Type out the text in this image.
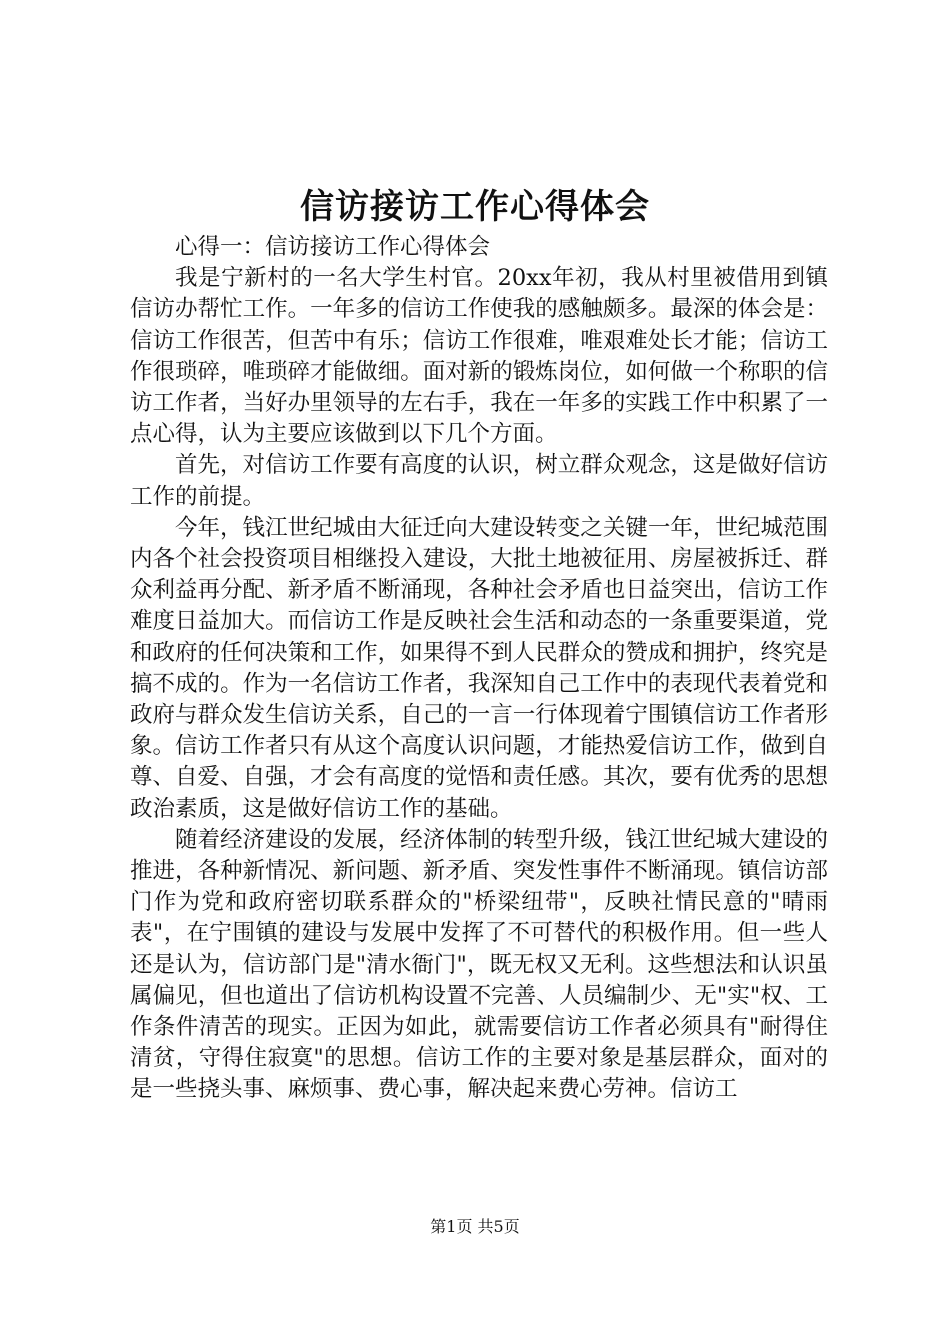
信访接访工作心得体会

心得一：信访接访工作心得体会

我是宁新村的一名大学生村官。20xx年初，我从村里被借用到镇信访办帮忙工作。一年多的信访工作使我的感触颇多。最深的体会是：信访工作很苦，但苦中有乐；信访工作很难，唯艰难处长才能；信访工作很琐碎，唯琐碎才能做细。面对新的锻炼岗位，如何做一个称职的信访工作者，当好办里领导的左右手，我在一年多的实践工作中积累了一点心得，认为主要应该做到以下几个方面。

首先，对信访工作要有高度的认识，树立群众观念，这是做好信访工作的前提。

今年，钱江世纪城由大征迁向大建设转变之关键一年，世纪城范围内各个社会投资项目相继投入建设，大批土地被征用、房屋被拆迁、群众利益再分配、新矛盾不断涌现，各种社会矛盾也日益突出，信访工作难度日益加大。而信访工作是反映社会生活和动态的一条重要渠道，党和政府的任何决策和工作，如果得不到人民群众的赞成和拥护，终究是搞不成的。作为一名信访工作者，我深知自己工作中的表现代表着党和政府与群众发生信访关系，自己的一言一行体现着宁围镇信访工作者形象。信访工作者只有从这个高度认识问题，才能热爱信访工作，做到自尊、自爱、自强，才会有高度的觉悟和责任感。其次，要有优秀的思想政治素质，这是做好信访工作的基础。

随着经济建设的发展，经济体制的转型升级，钱江世纪城大建设的推进，各种新情况、新问题、新矛盾、突发性事件不断涌现。镇信访部门作为党和政府密切联系群众的"桥梁纽带"，反映社情民意的"晴雨表"，在宁围镇的建设与发展中发挥了不可替代的积极作用。但一些人还是认为，信访部门是"清水衙门"，既无权又无利。这些想法和认识虽属偏见，但也道出了信访机构设置不完善、人员编制少、无"实"权、工作条件清苦的现实。正因为如此，就需要信访工作者必须具有"耐得住清贫，守得住寂寞"的思想。信访工作的主要对象是基层群众，面对的是一些挠头事、麻烦事、费心事，解决起来费心劳神。信访工

第1页 共5页
